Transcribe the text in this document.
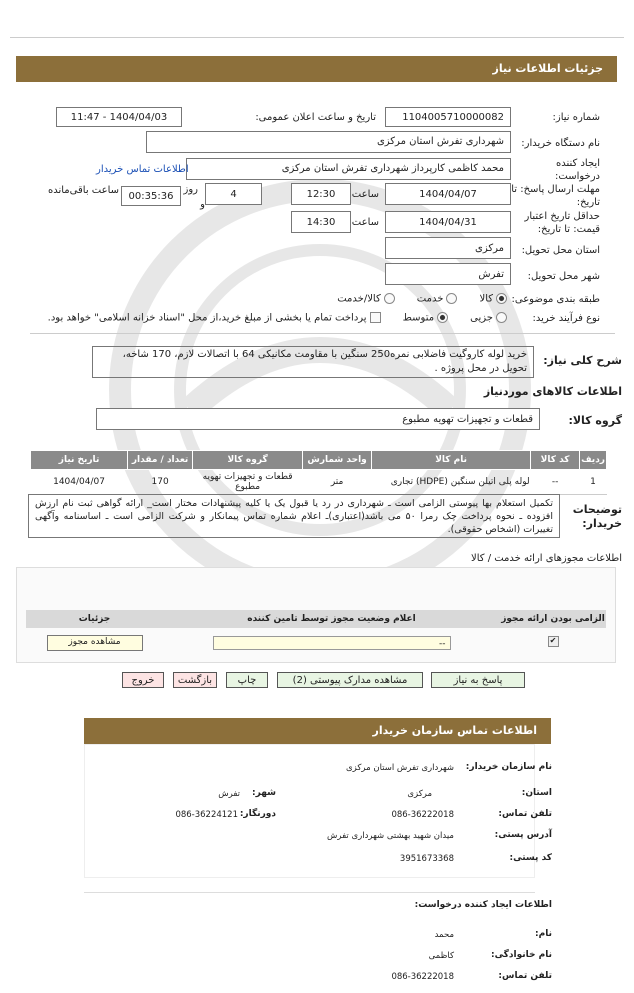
جزئیات اطلاعات نیاز
شماره نیاز:
1104005710000082
تاریخ و ساعت اعلان عمومی:
1404/04/03 - 11:47
نام دستگاه خریدار:
شهرداری تفرش استان مرکزی
ایجاد کننده
درخواست:
محمد کاظمی کارپرداز شهرداری تفرش استان مرکزی
اطلاعات تماس خریدار
مهلت ارسال پاسخ: تا
تاریخ:
1404/04/07
ساعت
12:30
روز
و
4
00:35:36
ساعت باقی‌مانده
حداقل تاریخ اعتبار
قیمت: تا تاریخ:
1404/04/31
ساعت
14:30
استان محل تحویل:
مرکزی
شهر محل تحویل:
تفرش
طبقه بندی موضوعی:
کالا      خدمت      کالا/خدمت
نوع فرآیند خرید:
جزیی      متوسط      پرداخت تمام یا بخشی از مبلغ خرید،از محل "اسناد خزانه اسلامی" خواهد بود.
شرح کلی نیاز:
خرید لوله کاروگیت فاضلابی نمره250 سنگین با مقاومت مکانیکی 64 با اتصالات لازم، 170 شاخه، تحویل در محل پروژه .
اطلاعات کالاهای موردنیاز
گروه کالا:
قطعات و تجهیزات تهویه مطبوع
ردیف	کد کالا	نام کالا	واحد شمارش	گروه کالا	تعداد / مقدار	تاریخ نیاز
1	--	لوله پلی اتیلن سنگین (HDPE) تجاری	متر	قطعات و تجهیزات تهویه مطبوع	170	1404/04/07
توضیحات
خریدار:
تکمیل استعلام بها پیوستی الزامی است ـ شهرداری در رد یا قبول یک یا کلیه پیشنهادات مختار است_ ارائه گواهی ثبت نام ارزش افزوده ـ نحوه پرداخت چک رمرا ۵۰ می باشد(اعتباری)ـ اعلام شماره تماس پیمانکار و شرکت الزامی است ـ اساسنامه وآگهی تغییرات (اشخاص حقوقی).
اطلاعات مجوزهای ارائه خدمت / کالا
الزامی بودن ارائه مجوز	اعلام وضعیت مجوز توسط تامین کننده	جزئیات
✔	--	مشاهده مجوز
پاسخ به نیاز
مشاهده مدارک پیوستی (2)
چاپ
بازگشت
خروج
اطلاعات تماس سازمان خریدار
نام سازمان خریدار:
شهرداری تفرش استان مرکزی
استان:
مرکزی
شهر:
تفرش
تلفن تماس:
086-36222018
دورنگار:
086-36224121
آدرس پستی:
میدان شهید بهشتی شهرداری تفرش
کد پستی:
3951673368
اطلاعات ایجاد کننده درخواست:
نام:
محمد
نام خانوادگی:
کاظمی
تلفن تماس:
086-36222018
